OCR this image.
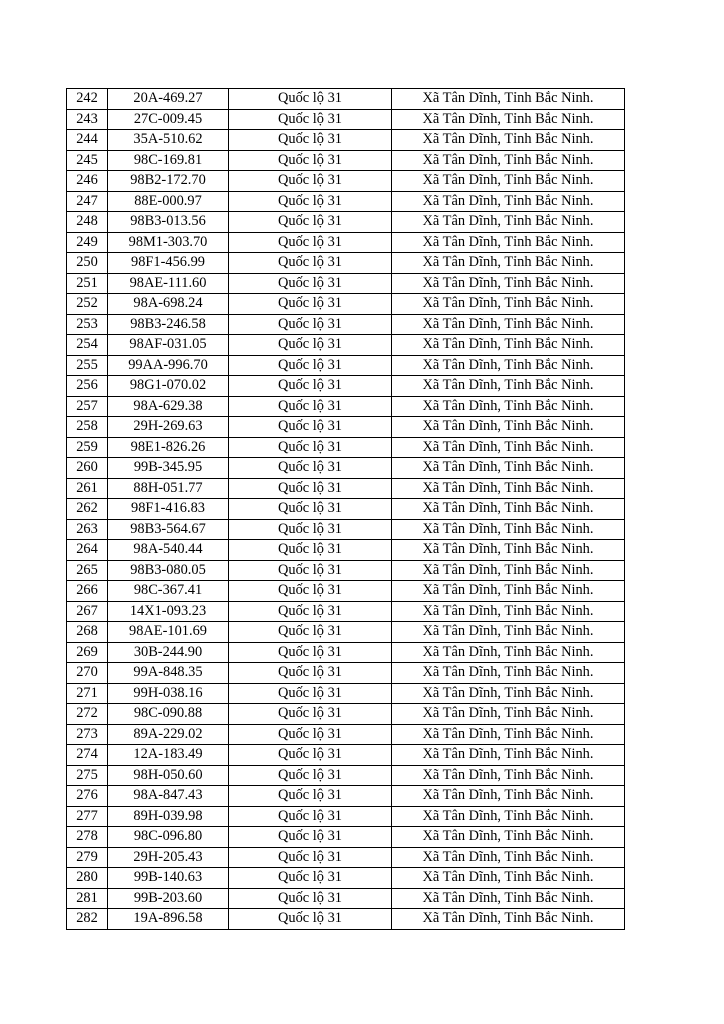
242	20A-469.27	Quốc lộ 31	Xã Tân Dĩnh, Tỉnh Bắc Ninh.
243	27C-009.45	Quốc lộ 31	Xã Tân Dĩnh, Tỉnh Bắc Ninh.
244	35A-510.62	Quốc lộ 31	Xã Tân Dĩnh, Tỉnh Bắc Ninh.
245	98C-169.81	Quốc lộ 31	Xã Tân Dĩnh, Tỉnh Bắc Ninh.
246	98B2-172.70	Quốc lộ 31	Xã Tân Dĩnh, Tỉnh Bắc Ninh.
247	88E-000.97	Quốc lộ 31	Xã Tân Dĩnh, Tỉnh Bắc Ninh.
248	98B3-013.56	Quốc lộ 31	Xã Tân Dĩnh, Tỉnh Bắc Ninh.
249	98M1-303.70	Quốc lộ 31	Xã Tân Dĩnh, Tỉnh Bắc Ninh.
250	98F1-456.99	Quốc lộ 31	Xã Tân Dĩnh, Tỉnh Bắc Ninh.
251	98AE-111.60	Quốc lộ 31	Xã Tân Dĩnh, Tỉnh Bắc Ninh.
252	98A-698.24	Quốc lộ 31	Xã Tân Dĩnh, Tỉnh Bắc Ninh.
253	98B3-246.58	Quốc lộ 31	Xã Tân Dĩnh, Tỉnh Bắc Ninh.
254	98AF-031.05	Quốc lộ 31	Xã Tân Dĩnh, Tỉnh Bắc Ninh.
255	99AA-996.70	Quốc lộ 31	Xã Tân Dĩnh, Tỉnh Bắc Ninh.
256	98G1-070.02	Quốc lộ 31	Xã Tân Dĩnh, Tỉnh Bắc Ninh.
257	98A-629.38	Quốc lộ 31	Xã Tân Dĩnh, Tỉnh Bắc Ninh.
258	29H-269.63	Quốc lộ 31	Xã Tân Dĩnh, Tỉnh Bắc Ninh.
259	98E1-826.26	Quốc lộ 31	Xã Tân Dĩnh, Tỉnh Bắc Ninh.
260	99B-345.95	Quốc lộ 31	Xã Tân Dĩnh, Tỉnh Bắc Ninh.
261	88H-051.77	Quốc lộ 31	Xã Tân Dĩnh, Tỉnh Bắc Ninh.
262	98F1-416.83	Quốc lộ 31	Xã Tân Dĩnh, Tỉnh Bắc Ninh.
263	98B3-564.67	Quốc lộ 31	Xã Tân Dĩnh, Tỉnh Bắc Ninh.
264	98A-540.44	Quốc lộ 31	Xã Tân Dĩnh, Tỉnh Bắc Ninh.
265	98B3-080.05	Quốc lộ 31	Xã Tân Dĩnh, Tỉnh Bắc Ninh.
266	98C-367.41	Quốc lộ 31	Xã Tân Dĩnh, Tỉnh Bắc Ninh.
267	14X1-093.23	Quốc lộ 31	Xã Tân Dĩnh, Tỉnh Bắc Ninh.
268	98AE-101.69	Quốc lộ 31	Xã Tân Dĩnh, Tỉnh Bắc Ninh.
269	30B-244.90	Quốc lộ 31	Xã Tân Dĩnh, Tỉnh Bắc Ninh.
270	99A-848.35	Quốc lộ 31	Xã Tân Dĩnh, Tỉnh Bắc Ninh.
271	99H-038.16	Quốc lộ 31	Xã Tân Dĩnh, Tỉnh Bắc Ninh.
272	98C-090.88	Quốc lộ 31	Xã Tân Dĩnh, Tỉnh Bắc Ninh.
273	89A-229.02	Quốc lộ 31	Xã Tân Dĩnh, Tỉnh Bắc Ninh.
274	12A-183.49	Quốc lộ 31	Xã Tân Dĩnh, Tỉnh Bắc Ninh.
275	98H-050.60	Quốc lộ 31	Xã Tân Dĩnh, Tỉnh Bắc Ninh.
276	98A-847.43	Quốc lộ 31	Xã Tân Dĩnh, Tỉnh Bắc Ninh.
277	89H-039.98	Quốc lộ 31	Xã Tân Dĩnh, Tỉnh Bắc Ninh.
278	98C-096.80	Quốc lộ 31	Xã Tân Dĩnh, Tỉnh Bắc Ninh.
279	29H-205.43	Quốc lộ 31	Xã Tân Dĩnh, Tỉnh Bắc Ninh.
280	99B-140.63	Quốc lộ 31	Xã Tân Dĩnh, Tỉnh Bắc Ninh.
281	99B-203.60	Quốc lộ 31	Xã Tân Dĩnh, Tỉnh Bắc Ninh.
282	19A-896.58	Quốc lộ 31	Xã Tân Dĩnh, Tỉnh Bắc Ninh.
